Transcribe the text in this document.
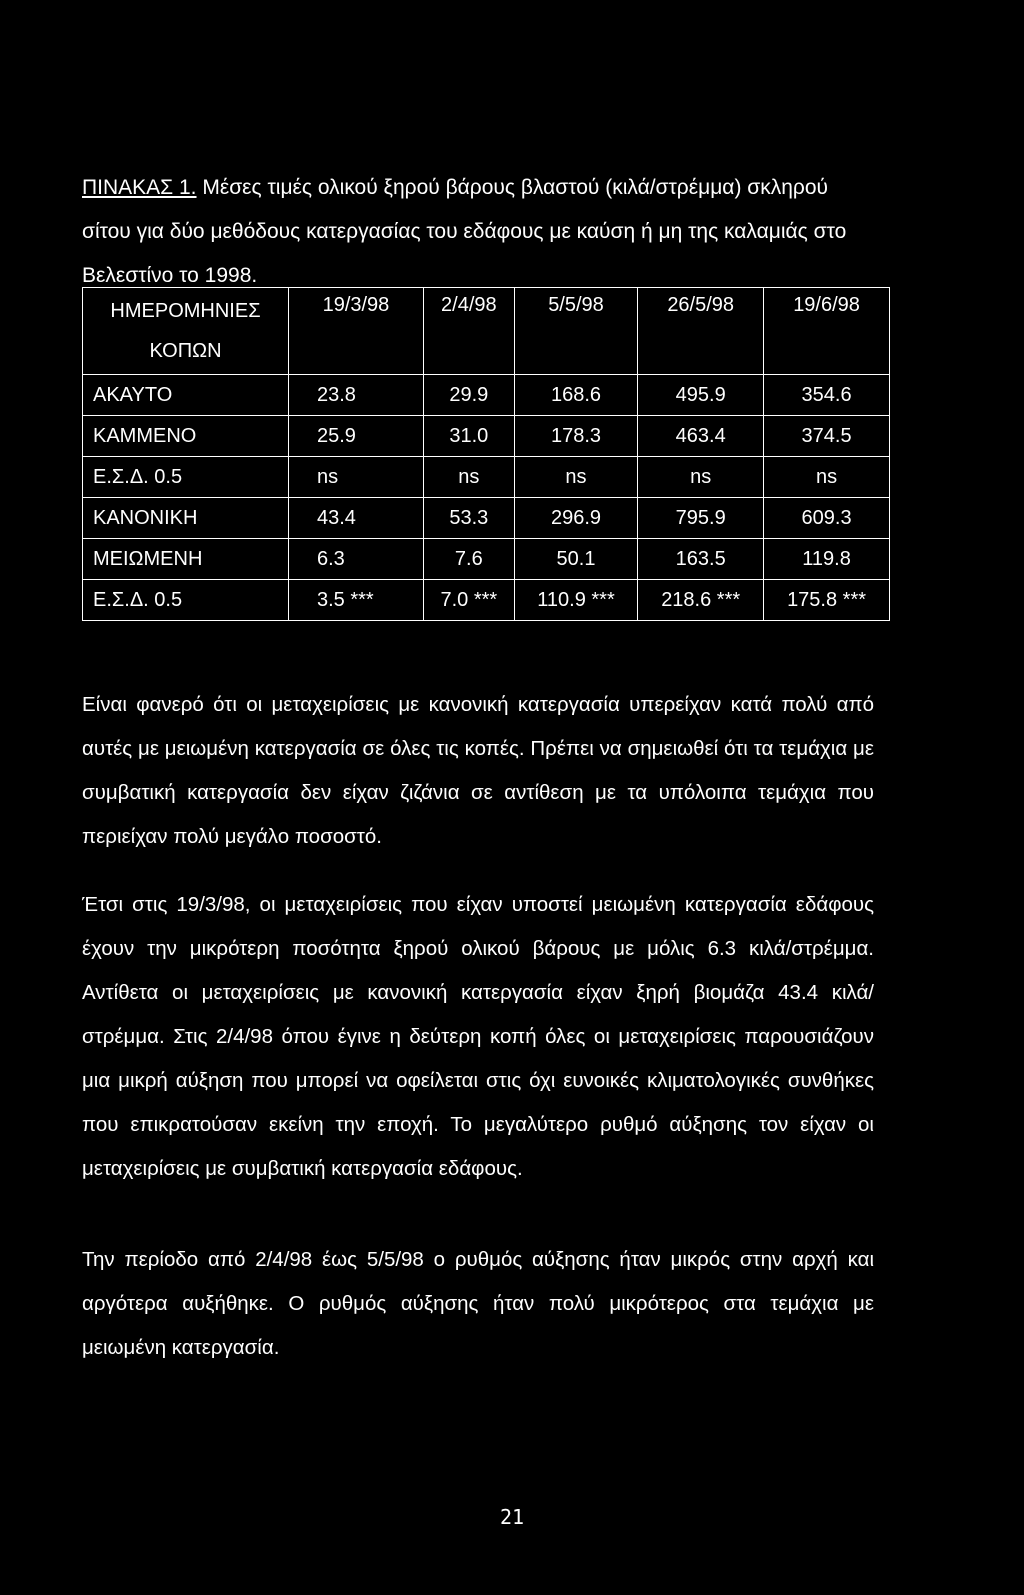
ΠΙΝΑΚΑΣ 1. Μέσες τιμές ολικού ξηρού βάρους βλαστού (κιλά/στρέμμα) σκληρού σίτου για δύο μεθόδους κατεργασίας του εδάφους με καύση ή μη της καλαμιάς στο Βελεστίνο το 1998.
ΗΜΕΡΟΜΗΝΙΕΣ
ΚΟΠΩΝ	19/3/98	2/4/98	5/5/98	26/5/98	19/6/98
ΑΚΑΥΤΟ	23.8	29.9	168.6	495.9	354.6
ΚΑΜΜΕΝΟ	25.9	31.0	178.3	463.4	374.5
Ε.Σ.Δ. 0.5	ns	ns	ns	ns	ns
ΚΑΝΟΝΙΚΗ	43.4	53.3	296.9	795.9	609.3
ΜΕΙΩΜΕΝΗ	6.3	7.6	50.1	163.5	119.8
Ε.Σ.Δ. 0.5	3.5 ***	7.0 ***	110.9 ***	218.6 ***	175.8 ***
Είναι φανερό ότι οι μεταχειρίσεις με κανονική κατεργασία υπερείχαν κατά πολύ από αυτές με μειωμένη κατεργασία σε όλες τις κοπές. Πρέπει να σημειωθεί ότι τα τεμάχια με συμβατική κατεργασία δεν είχαν ζιζάνια σε αντίθεση με τα υπόλοιπα τεμάχια που περιείχαν πολύ μεγάλο ποσοστό.
Έτσι στις 19/3/98, οι μεταχειρίσεις που είχαν υποστεί μειωμένη κατεργασία εδάφους έχουν την μικρότερη ποσότητα ξηρού ολικού βάρους με μόλις 6.3 κιλά/στρέμμα. Αντίθετα οι μεταχειρίσεις με κανονική κατεργασία είχαν ξηρή βιομάζα 43.4 κιλά/στρέμμα. Στις 2/4/98 όπου έγινε η δεύτερη κοπή όλες οι μεταχειρίσεις παρουσιάζουν μια μικρή αύξηση που μπορεί να οφείλεται στις όχι ευνοικές κλιματολογικές συνθήκες που επικρατούσαν εκείνη την εποχή. Το μεγαλύτερο ρυθμό αύξησης τον είχαν οι μεταχειρίσεις με συμβατική κατεργασία εδάφους.
Την περίοδο από 2/4/98 έως 5/5/98 ο ρυθμός αύξησης ήταν μικρός στην αρχή και αργότερα αυξήθηκε. Ο ρυθμός αύξησης ήταν πολύ μικρότερος στα τεμάχια με μειωμένη κατεργασία.
21
